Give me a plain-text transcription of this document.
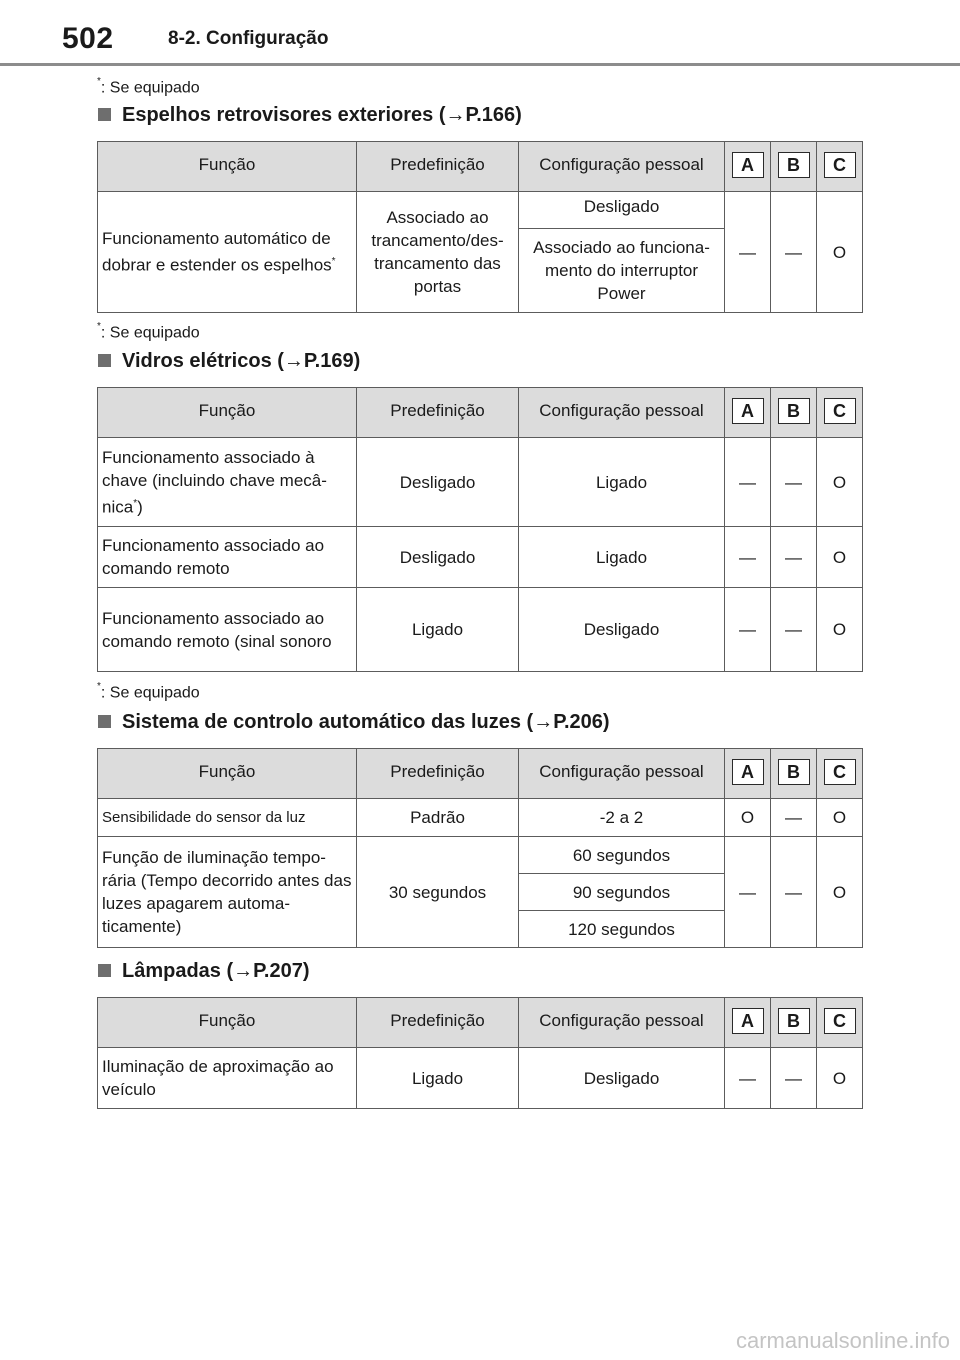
502	8-2. Configuração
*: Se equipado
Espelhos retrovisores exteriores (→P.166)
Função	Predefinição	Configuração pessoal	A	B	C

Funcionamento automático de dobrar e estender os espelhos*	Associado ao trancamento/des-trancamento das portas	Desligado	—	—	O
		Associado ao funciona-mento do interruptor Power			
*: Se equipado
Vidros elétricos (→P.169)
Função	Predefinição	Configuração pessoal	A	B	C

Funcionamento associado à chave (incluindo chave mecâ-nica*)	Desligado	Ligado	—	—	O
Funcionamento associado ao comando remoto	Desligado	Ligado	—	—	O
Funcionamento associado ao comando remoto (sinal sonoro	Ligado	Desligado	—	—	O
*: Se equipado
Sistema de controlo automático das luzes (→P.206)
Função	Predefinição	Configuração pessoal	A	B	C

Sensibilidade do sensor da luz	Padrão	-2 a 2	O	—	O
Função de iluminação tempo-rária (Tempo decorrido antes das luzes apagarem automa-ticamente)	30 segundos	60 segundos	—	—	O
		90 segundos			
		120 segundos			
Lâmpadas (→P.207)
Função	Predefinição	Configuração pessoal	A	B	C

Iluminação de aproximação ao veículo	Ligado	Desligado	—	—	O
carmanualsonline.info
